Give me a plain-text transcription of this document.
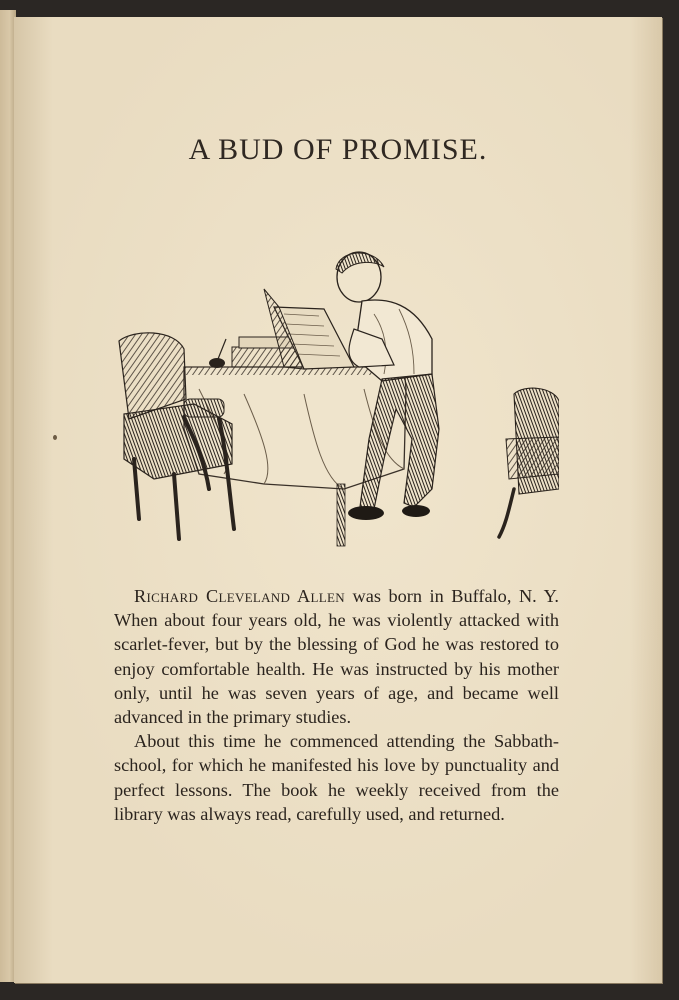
A BUD OF PROMISE.

Richard Cleveland Allen was born in Buffalo, N. Y. When about four years old, he was violently attacked with scarlet-fever, but by the blessing of God he was restored to enjoy comfortable health. He was instructed by his mother only, until he was seven years of age, and became well advanced in the primary studies.

About this time he commenced attending the Sabbath-school, for which he manifested his love by punctuality and perfect lessons. The book he weekly received from the library was always read, carefully used, and returned.
